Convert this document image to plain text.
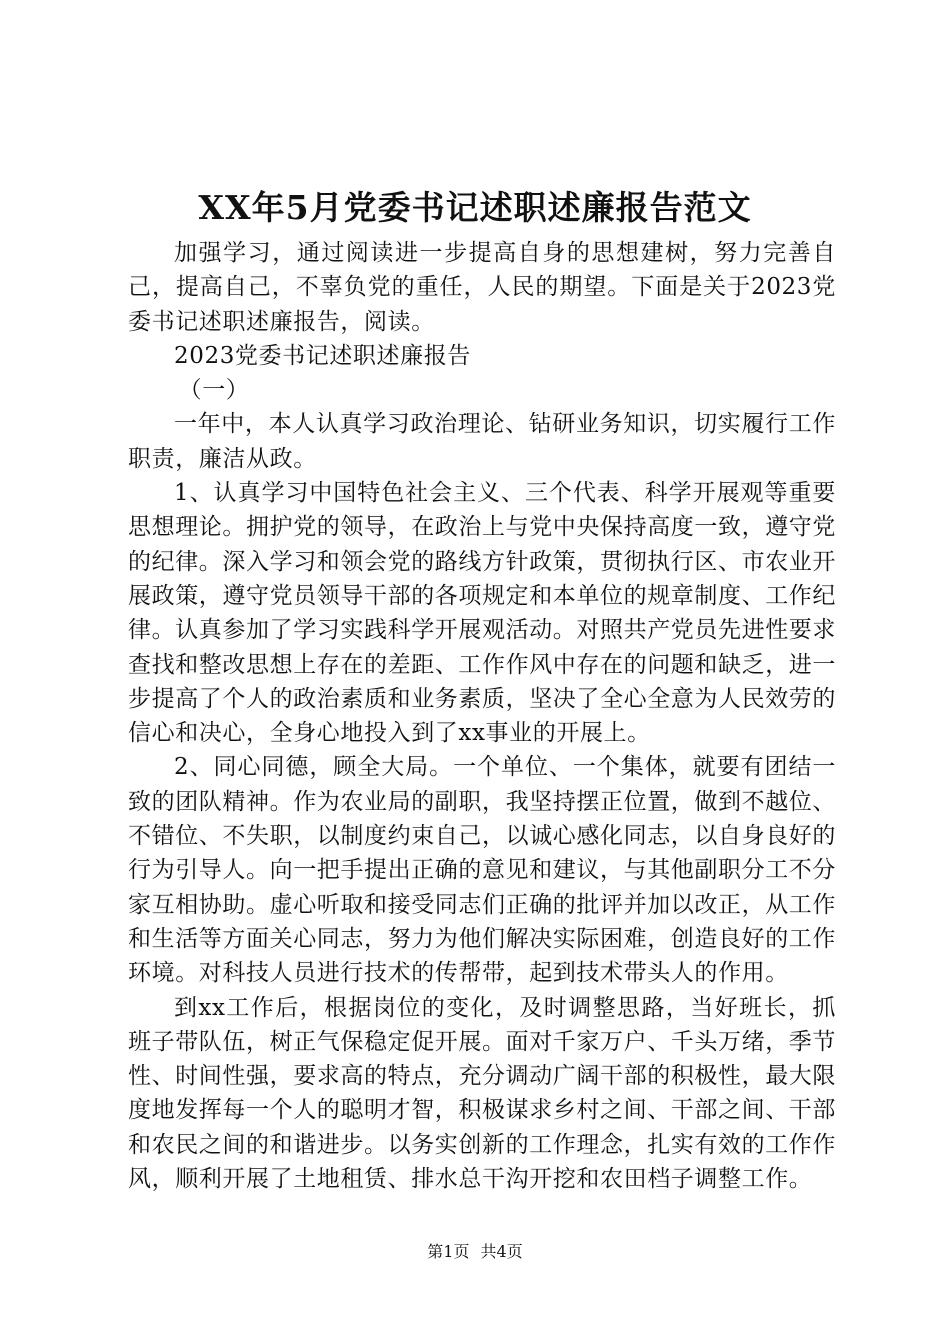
XX年5月党委书记述职述廉报告范文

加强学习，通过阅读进一步提高自身的思想建树，努力完善自己，提高自己，不辜负党的重任，人民的期望。下面是关于2023党委书记述职述廉报告，阅读。

2023党委书记述职述廉报告

（一）

一年中，本人认真学习政治理论、钻研业务知识，切实履行工作职责，廉洁从政。

1、认真学习中国特色社会主义、三个代表、科学开展观等重要思想理论。拥护党的领导，在政治上与党中央保持高度一致，遵守党的纪律。深入学习和领会党的路线方针政策，贯彻执行区、市农业开展政策，遵守党员领导干部的各项规定和本单位的规章制度、工作纪律。认真参加了学习实践科学开展观活动。对照共产党员先进性要求查找和整改思想上存在的差距、工作作风中存在的问题和缺乏，进一步提高了个人的政治素质和业务素质，坚决了全心全意为人民效劳的信心和决心，全身心地投入到了xx事业的开展上。

2、同心同德，顾全大局。一个单位、一个集体，就要有团结一致的团队精神。作为农业局的副职，我坚持摆正位置，做到不越位、不错位、不失职，以制度约束自己，以诚心感化同志，以自身良好的行为引导人。向一把手提出正确的意见和建议，与其他副职分工不分家互相协助。虚心听取和接受同志们正确的批评并加以改正，从工作和生活等方面关心同志，努力为他们解决实际困难，创造良好的工作环境。对科技人员进行技术的传帮带，起到技术带头人的作用。

到xx工作后，根据岗位的变化，及时调整思路，当好班长，抓班子带队伍，树正气保稳定促开展。面对千家万户、千头万绪，季节性、时间性强，要求高的特点，充分调动广阔干部的积极性，最大限度地发挥每一个人的聪明才智，积极谋求乡村之间、干部之间、干部和农民之间的和谐进步。以务实创新的工作理念，扎实有效的工作作风，顺利开展了土地租赁、排水总干沟开挖和农田档子调整工作。

第1页 共4页
